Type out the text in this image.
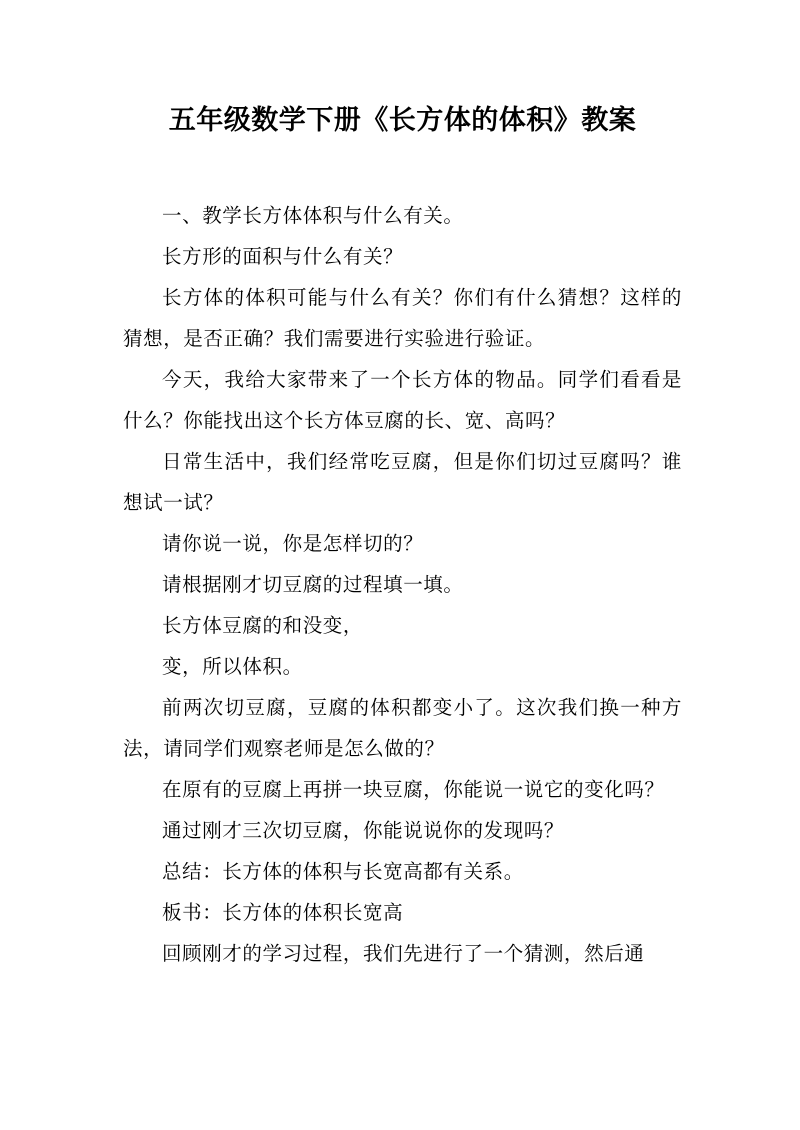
五年级数学下册《长方体的体积》教案

一、教学长方体体积与什么有关。

长方形的面积与什么有关？

长方体的体积可能与什么有关？你们有什么猜想？这样的猜想，是否正确？我们需要进行实验进行验证。

今天，我给大家带来了一个长方体的物品。同学们看看是什么？你能找出这个长方体豆腐的长、宽、高吗？

日常生活中，我们经常吃豆腐，但是你们切过豆腐吗？谁想试一试？

请你说一说，你是怎样切的？

请根据刚才切豆腐的过程填一填。

长方体豆腐的和没变，

变，所以体积。

前两次切豆腐，豆腐的体积都变小了。这次我们换一种方法，请同学们观察老师是怎么做的？

在原有的豆腐上再拼一块豆腐，你能说一说它的变化吗？

通过刚才三次切豆腐，你能说说你的发现吗？

总结：长方体的体积与长宽高都有关系。

板书：长方体的体积长宽高

回顾刚才的学习过程，我们先进行了一个猜测，然后通
